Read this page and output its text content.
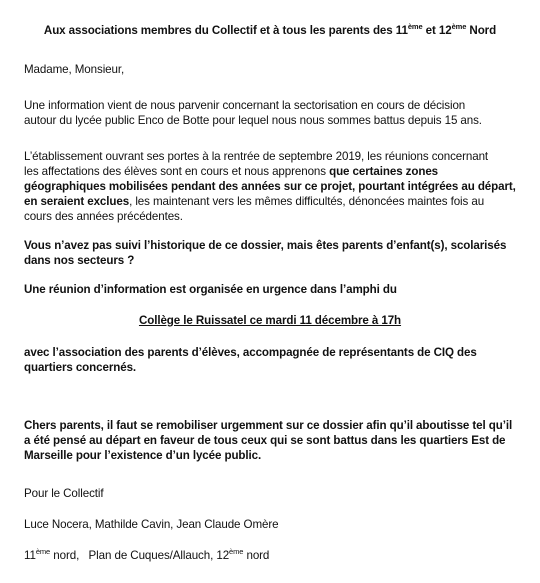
Aux associations membres du Collectif et à tous les parents des 11ème et 12ème Nord
Madame, Monsieur,
Une information vient de nous parvenir concernant la sectorisation en cours de décision
autour du lycée public Enco de Botte pour lequel nous nous sommes battus depuis 15 ans.
L’établissement ouvrant ses portes à la rentrée de septembre 2019, les réunions concernant
les affectations des élèves sont en cours et nous apprenons que certaines zones
géographiques mobilisées pendant des années sur ce projet, pourtant intégrées au départ,
en seraient exclues, les maintenant vers les mêmes difficultés, dénoncées maintes fois au
cours des années précédentes.
Vous n’avez pas suivi l’historique de ce dossier, mais êtes parents d’enfant(s), scolarisés
dans nos secteurs ?
Une réunion d’information est organisée en urgence dans l’amphi du
Collège le Ruissatel ce mardi 11 décembre à 17h
avec l’association des parents d’élèves, accompagnée de représentants de CIQ des
quartiers concernés.
Chers parents, il faut se remobiliser urgemment sur ce dossier afin qu’il aboutisse tel qu’il
a été pensé au départ en faveur de tous ceux qui se sont battus dans les quartiers Est de
Marseille pour l’existence d’un lycée public.
Pour le Collectif
Luce Nocera, Mathilde Cavin, Jean Claude Omère
11ème nord,   Plan de Cuques/Allauch, 12ème nord
